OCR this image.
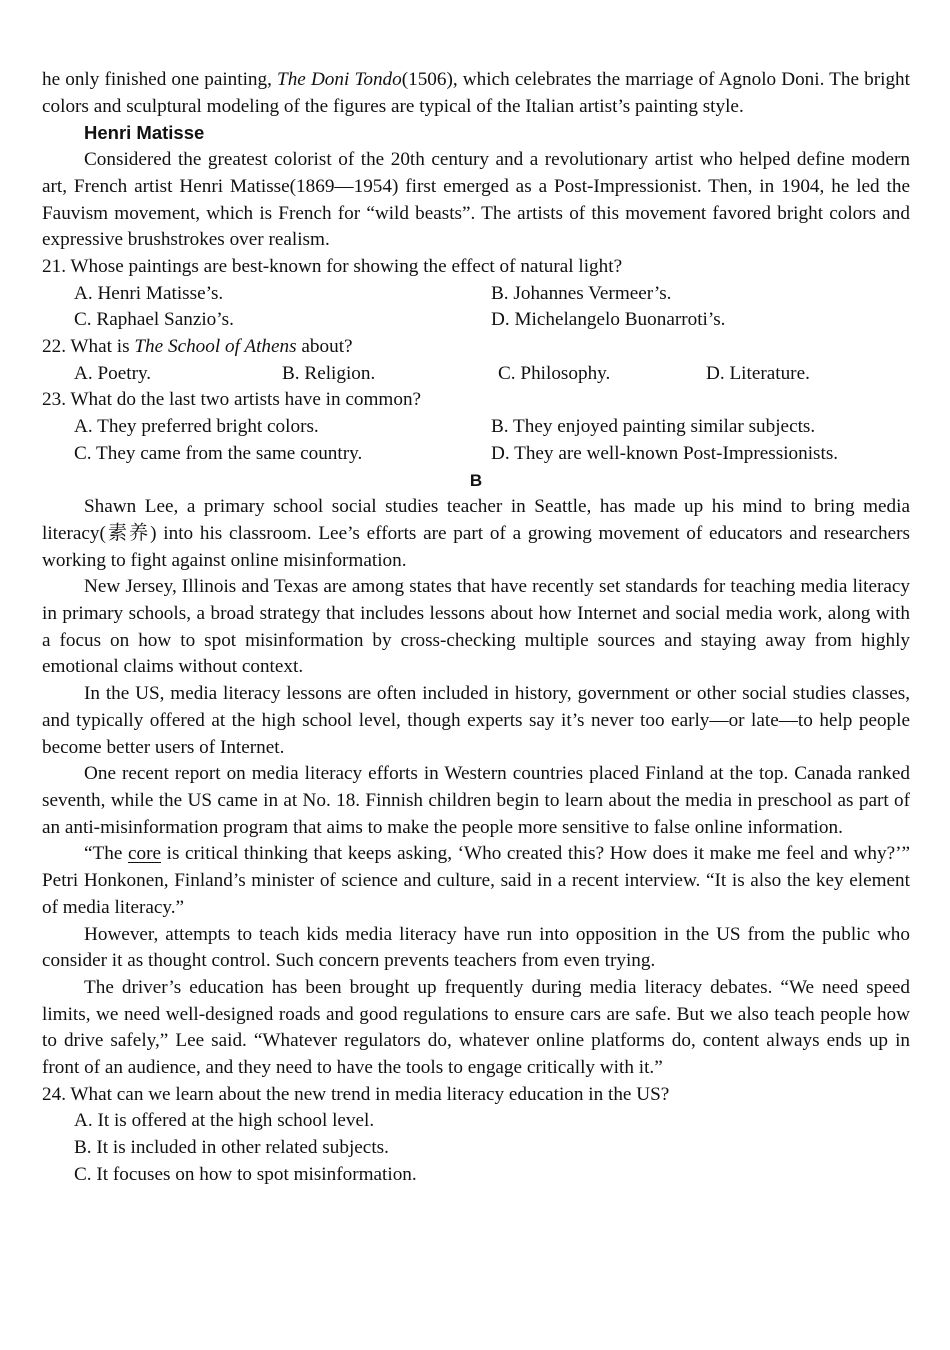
he only finished one painting, The Doni Tondo(1506), which celebrates the marriage of Agnolo Doni. The bright colors and sculptural modeling of the figures are typical of the Italian artist’s painting style.

Henri Matisse

Considered the greatest colorist of the 20th century and a revolutionary artist who helped define modern art, French artist Henri Matisse(1869—1954) first emerged as a Post-Impressionist. Then, in 1904, he led the Fauvism movement, which is French for “wild beasts”. The artists of this movement favored bright colors and expressive brushstrokes over realism.

21. Whose paintings are best-known for showing the effect of natural light?

A. Henri Matisse’s.	B. Johannes Vermeer’s.
C. Raphael Sanzio’s.	D. Michelangelo Buonarroti’s.

22. What is The School of Athens about?

A. Poetry.	B. Religion.	C. Philosophy.	D. Literature.

23. What do the last two artists have in common?

A. They preferred bright colors.	B. They enjoyed painting similar subjects.
C. They came from the same country.	D. They are well-known Post-Impressionists.

B

Shawn Lee, a primary school social studies teacher in Seattle, has made up his mind to bring media literacy(素养) into his classroom. Lee’s efforts are part of a growing movement of educators and researchers working to fight against online misinformation.

New Jersey, Illinois and Texas are among states that have recently set standards for teaching media literacy in primary schools, a broad strategy that includes lessons about how Internet and social media work, along with a focus on how to spot misinformation by cross-checking multiple sources and staying away from highly emotional claims without context.

In the US, media literacy lessons are often included in history, government or other social studies classes, and typically offered at the high school level, though experts say it’s never too early—or late—to help people become better users of Internet.

One recent report on media literacy efforts in Western countries placed Finland at the top. Canada ranked seventh, while the US came in at No. 18. Finnish children begin to learn about the media in preschool as part of an anti-misinformation program that aims to make the people more sensitive to false online information.

“The core is critical thinking that keeps asking, ‘Who created this? How does it make me feel and why?’” Petri Honkonen, Finland’s minister of science and culture, said in a recent interview. “It is also the key element of media literacy.”

However, attempts to teach kids media literacy have run into opposition in the US from the public who consider it as thought control. Such concern prevents teachers from even trying.

The driver’s education has been brought up frequently during media literacy debates. “We need speed limits, we need well-designed roads and good regulations to ensure cars are safe. But we also teach people how to drive safely,” Lee said. “Whatever regulators do, whatever online platforms do, content always ends up in front of an audience, and they need to have the tools to engage critically with it.”

24. What can we learn about the new trend in media literacy education in the US?

A. It is offered at the high school level.

B. It is included in other related subjects.

C. It focuses on how to spot misinformation.
